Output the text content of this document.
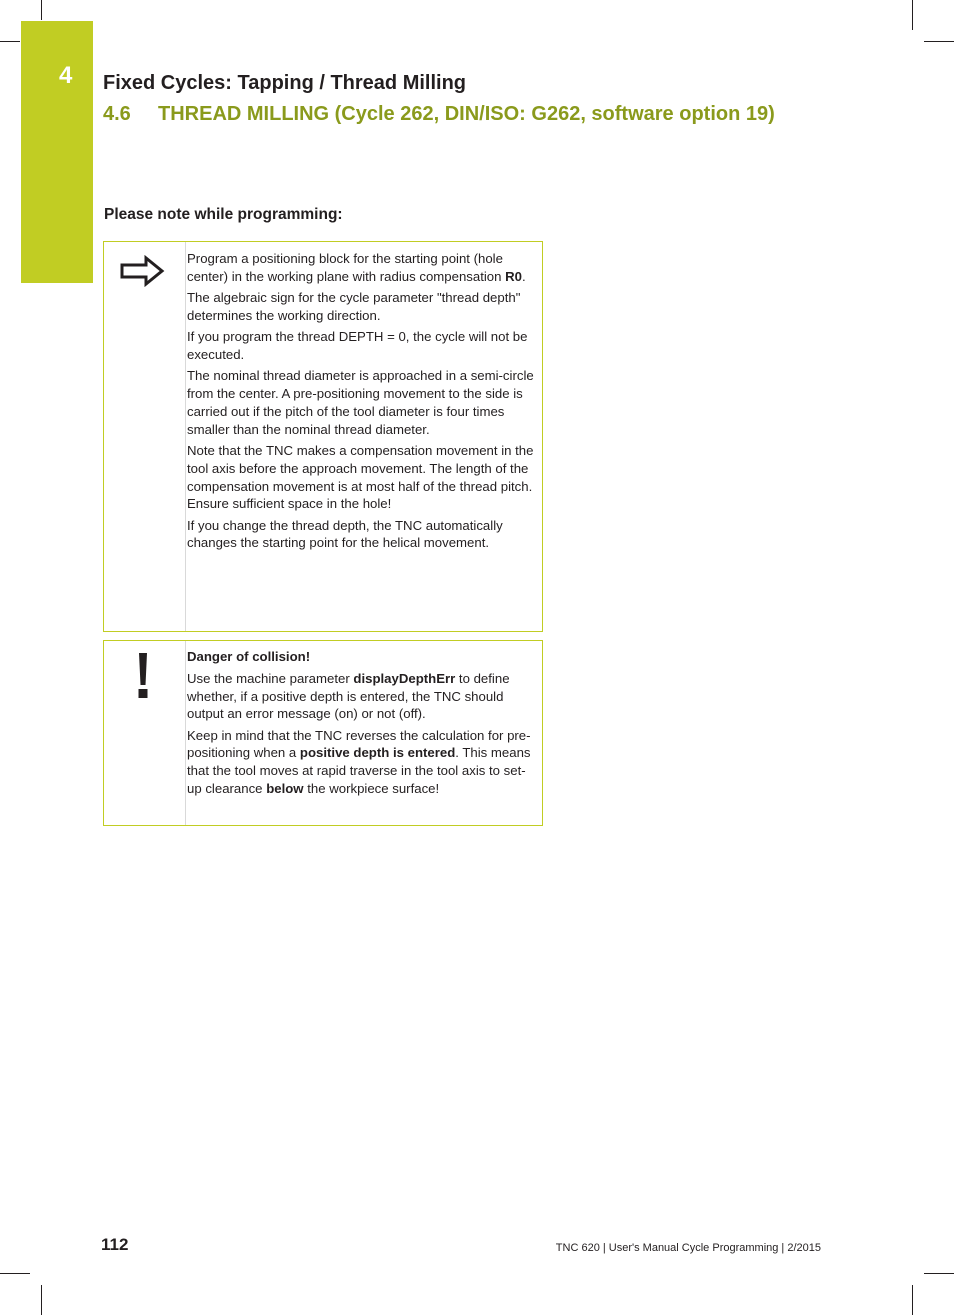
4 Fixed Cycles: Tapping / Thread Milling
4.6 THREAD MILLING (Cycle 262, DIN/ISO: G262, software option 19)
Please note while programming:

Program a positioning block for the starting point (hole center) in the working plane with radius compensation R0.

The algebraic sign for the cycle parameter "thread depth" determines the working direction.

If you program the thread DEPTH = 0, the cycle will not be executed.

The nominal thread diameter is approached in a semi-circle from the center. A pre-positioning movement to the side is carried out if the pitch of the tool diameter is four times smaller than the nominal thread diameter.

Note that the TNC makes a compensation movement in the tool axis before the approach movement. The length of the compensation movement is at most half of the thread pitch. Ensure sufficient space in the hole!

If you change the thread depth, the TNC automatically changes the starting point for the helical movement.

Danger of collision!

Use the machine parameter displayDepthErr to define whether, if a positive depth is entered, the TNC should output an error message (on) or not (off).

Keep in mind that the TNC reverses the calculation for pre-positioning when a positive depth is entered. This means that the tool moves at rapid traverse in the tool axis to set-up clearance below the workpiece surface!

112	TNC 620 | User's Manual Cycle Programming | 2/2015
